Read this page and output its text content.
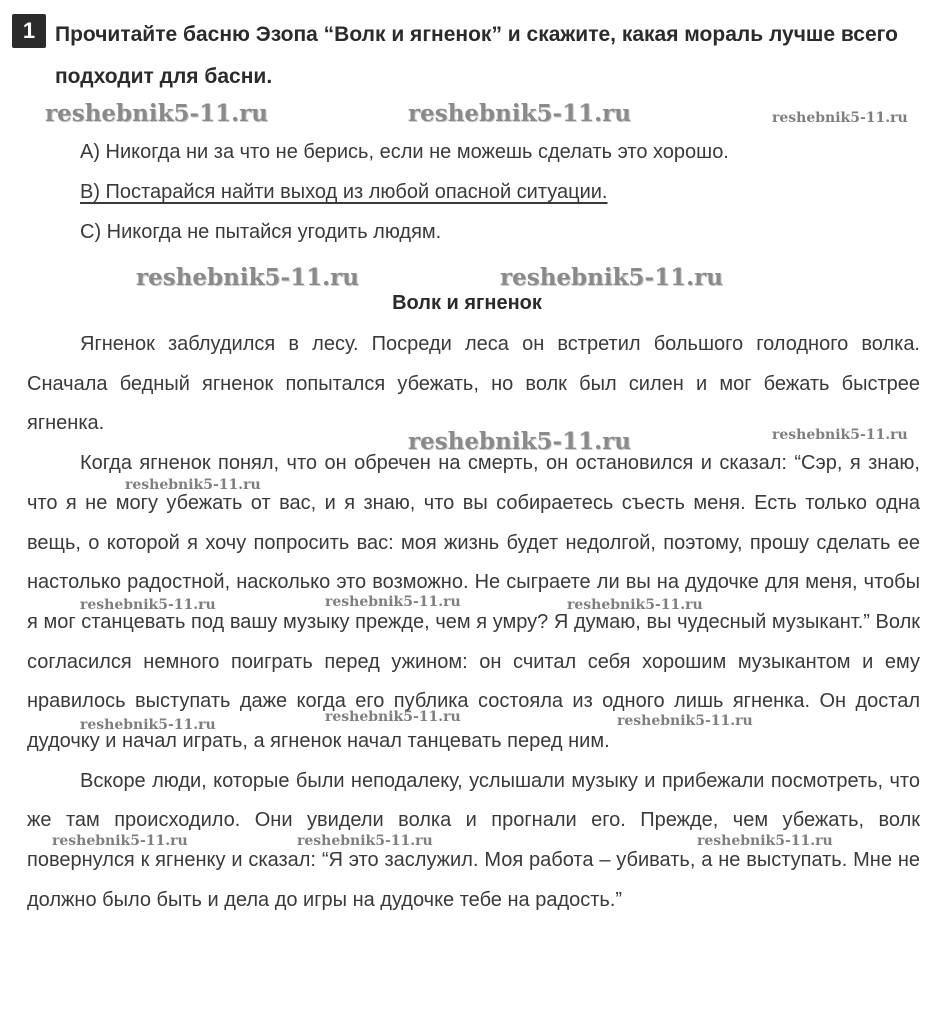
1 Прочитайте басню Эзопа “Волк и ягненок” и скажите, какая мораль лучше всего подходит для басни.
A) Никогда ни за что не берись, если не можешь сделать это хорошо.
B) Постарайся найти выход из любой опасной ситуации.
C) Никогда не пытайся угодить людям.
Волк и ягненок

Ягненок заблудился в лесу. Посреди леса он встретил большого голодного волка. Сначала бедный ягненок попытался убежать, но волк был силен и мог бежать быстрее ягненка.

Когда ягненок понял, что он обречен на смерть, он остановился и сказал: “Сэр, я знаю, что я не могу убежать от вас, и я знаю, что вы собираетесь съесть меня. Есть только одна вещь, о которой я хочу попросить вас: моя жизнь будет недолгой, поэтому, прошу сделать ее настолько радостной, насколько это возможно. Не сыграете ли вы на дудочке для меня, чтобы я мог станцевать под вашу музыку прежде, чем я умру? Я думаю, вы чудесный музыкант.” Волк согласился немного поиграть перед ужином: он считал себя хорошим музыкантом и ему нравилось выступать даже когда его публика состояла из одного лишь ягненка. Он достал дудочку и начал играть, а ягненок начал танцевать перед ним.

Вскоре люди, которые были неподалеку, услышали музыку и прибежали посмотреть, что же там происходило. Они увидели волка и прогнали его. Прежде, чем убежать, волк повернулся к ягненку и сказал: “Я это заслужил. Моя работа – убивать, а не выступать. Мне не должно было быть и дела до игры на дудочке тебе на радость.”

reshebnik5-11.ru	reshebnik5-11.ru	reshebnik5-11.ru
reshebnik5-11.ru	reshebnik5-11.ru
reshebnik5-11.ru	reshebnik5-11.ru
reshebnik5-11.ru
reshebnik5-11.ru	reshebnik5-11.ru	reshebnik5-11.ru
reshebnik5-11.ru	reshebnik5-11.ru	reshebnik5-11.ru
reshebnik5-11.ru	reshebnik5-11.ru	reshebnik5-11.ru
